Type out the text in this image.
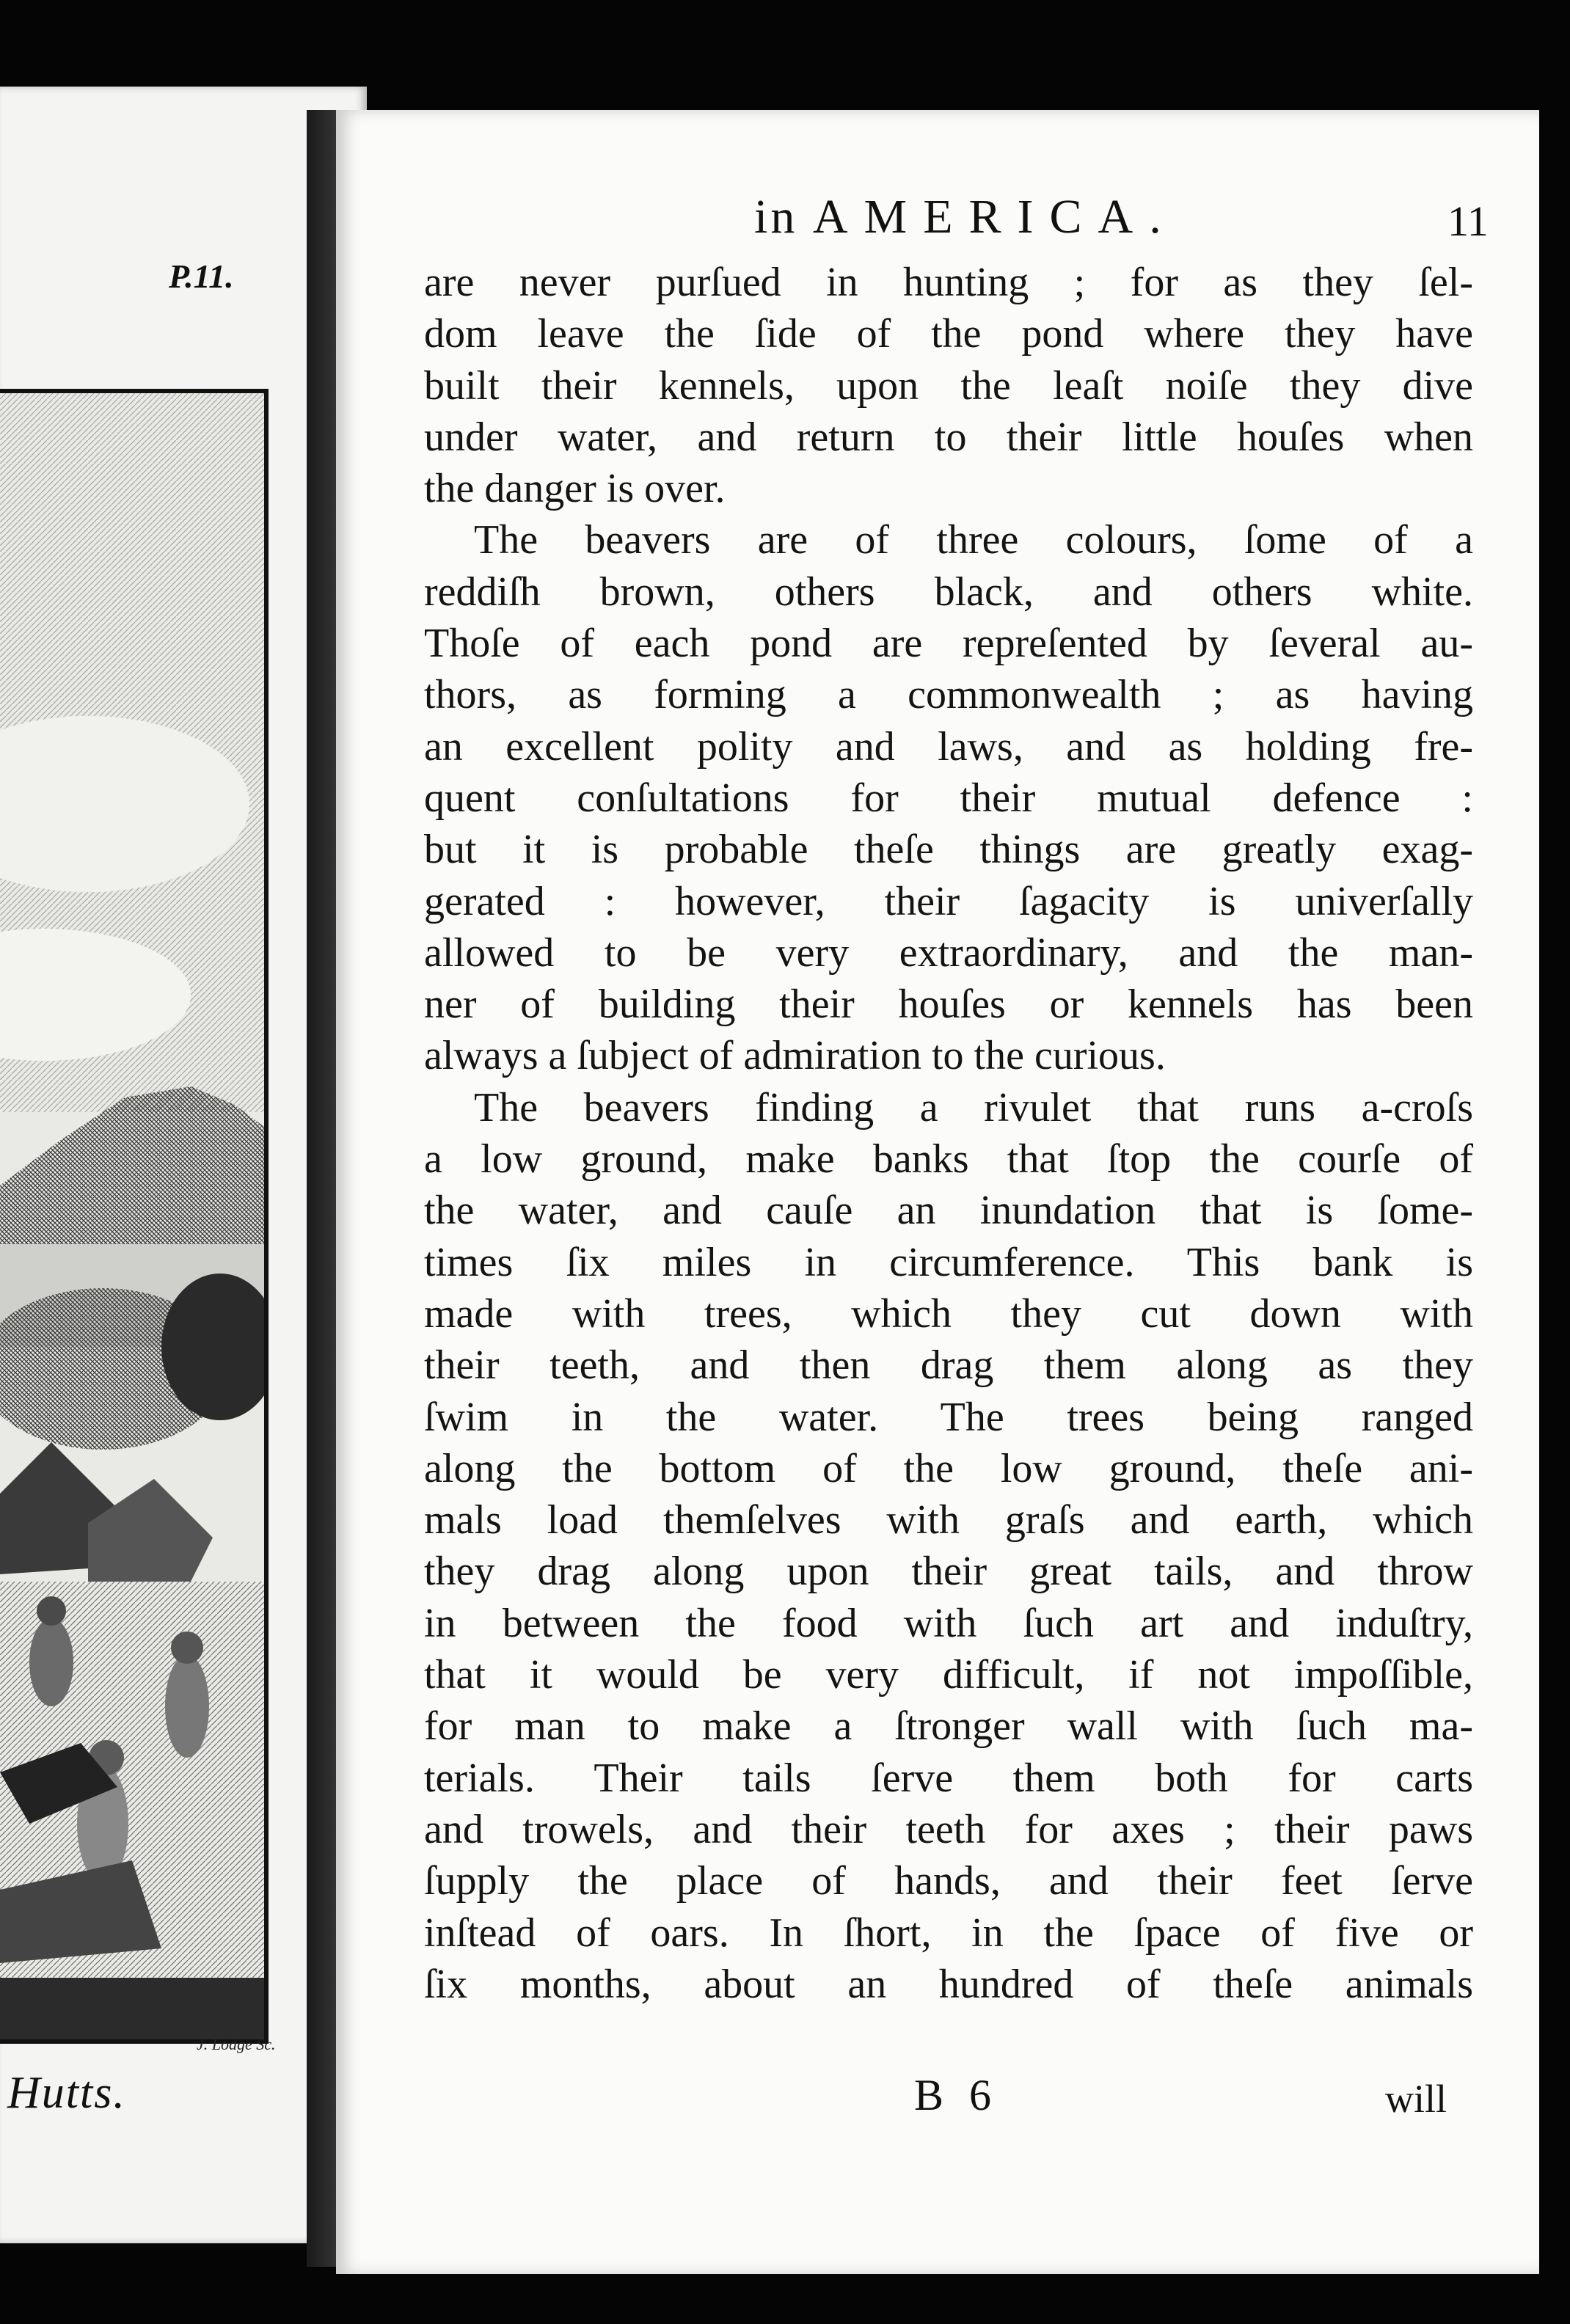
P.11.
J. Lodge Sc.
Hutts.
in AMERICA.	11
are never purſued in hunting ; for as they ſel-
dom leave the ſide of the pond where they have
built their kennels, upon the leaſt noiſe they dive
under water, and return to their little houſes when
the danger is over.
The beavers are of three colours, ſome of a
reddiſh brown, others black, and others white.
Thoſe of each pond are repreſented by ſeveral au-
thors, as forming a commonwealth ; as having
an excellent polity and laws, and as holding fre-
quent conſultations for their mutual defence :
but it is probable theſe things are greatly exag-
gerated : however, their ſagacity is univerſally
allowed to be very extraordinary, and the man-
ner of building their houſes or kennels has been
always a ſubject of admiration to the curious.
The beavers finding a rivulet that runs a-croſs
a low ground, make banks that ſtop the courſe of
the water, and cauſe an inundation that is ſome-
times ſix miles in circumference. This bank is
made with trees, which they cut down with
their teeth, and then drag them along as they
ſwim in the water. The trees being ranged
along the bottom of the low ground, theſe ani-
mals load themſelves with graſs and earth, which
they drag along upon their great tails, and throw
in between the food with ſuch art and induſtry,
that it would be very difficult, if not impoſſible,
for man to make a ſtronger wall with ſuch ma-
terials. Their tails ſerve them both for carts
and trowels, and their teeth for axes ; their paws
ſupply the place of hands, and their feet ſerve
inſtead of oars. In ſhort, in the ſpace of five or
ſix months, about an hundred of theſe animals
B 6	will
